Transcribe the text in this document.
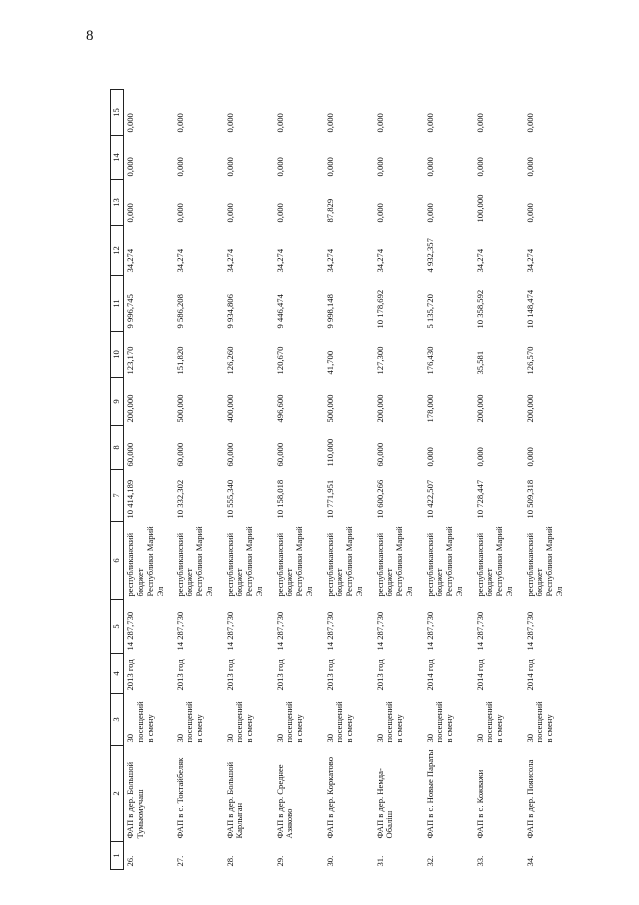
8
1	2	3	4	5	6	7	8	9	10	11	12	13	14	15
26.	ФАП в дер. Большой Тумьюмучаш	30 посещений в смену	2013 год	14 287,730	республиканский бюджет Республики Марий Эл	10 414,189	60,000	200,000	123,170	9 996,745	34,274	0,000	0,000	0,000
27.	ФАП в с. Токтайбеляк	30 посещений в смену	2013 год	14 287,730	республиканский бюджет Республики Марий Эл	10 332,302	60,000	500,000	151,820	9 586,208	34,274	0,000	0,000	0,000
28.	ФАП в дер. Большой Карлыган	30 посещений в смену	2013 год	14 287,730	республиканский бюджет Республики Марий Эл	10 555,340	60,000	400,000	126,260	9 934,806	34,274	0,000	0,000	0,000
29.	ФАП в дер. Среднее Азяково	30 посещений в смену	2013 год	14 287,730	республиканский бюджет Республики Марий Эл	10 158,018	60,000	496,600	120,670	9 446,474	34,274	0,000	0,000	0,000
30.	ФАП в дер. Коркатово	30 посещений в смену	2013 год	14 287,730	республиканский бюджет Республики Марий Эл	10 771,951	110,000	500,000	41,700	9 998,148	34,274	87,829	0,000	0,000
31.	ФАП в дер. Немда-Обаліш	30 посещений в смену	2013 год	14 287,730	республиканский бюджет Республики Марий Эл	10 600,266	60,000	200,000	127,300	10 178,692	34,274	0,000	0,000	0,000
32.	ФАП в с. Новые Параты	30 посещений в смену	2014 год	14 287,730	республиканский бюджет Республики Марий Эл	10 422,507	0,000	178,000	176,430	5 135,720	4 932,357	0,000	0,000	0,000
33.	ФАП в с. Кожважи	30 посещений в смену	2014 год	14 287,730	республиканский бюджет Республики Марий Эл	10 728,447	0,000	200,000	35,581	10 358,592	34,274	100,000	0,000	0,000
34.	ФАП в дер. Пояисола	30 посещений в смену	2014 год	14 287,730	республиканский бюджет Республики Марий Эл	10 509,318	0,000	200,000	126,570	10 148,474	34,274	0,000	0,000	0,000
